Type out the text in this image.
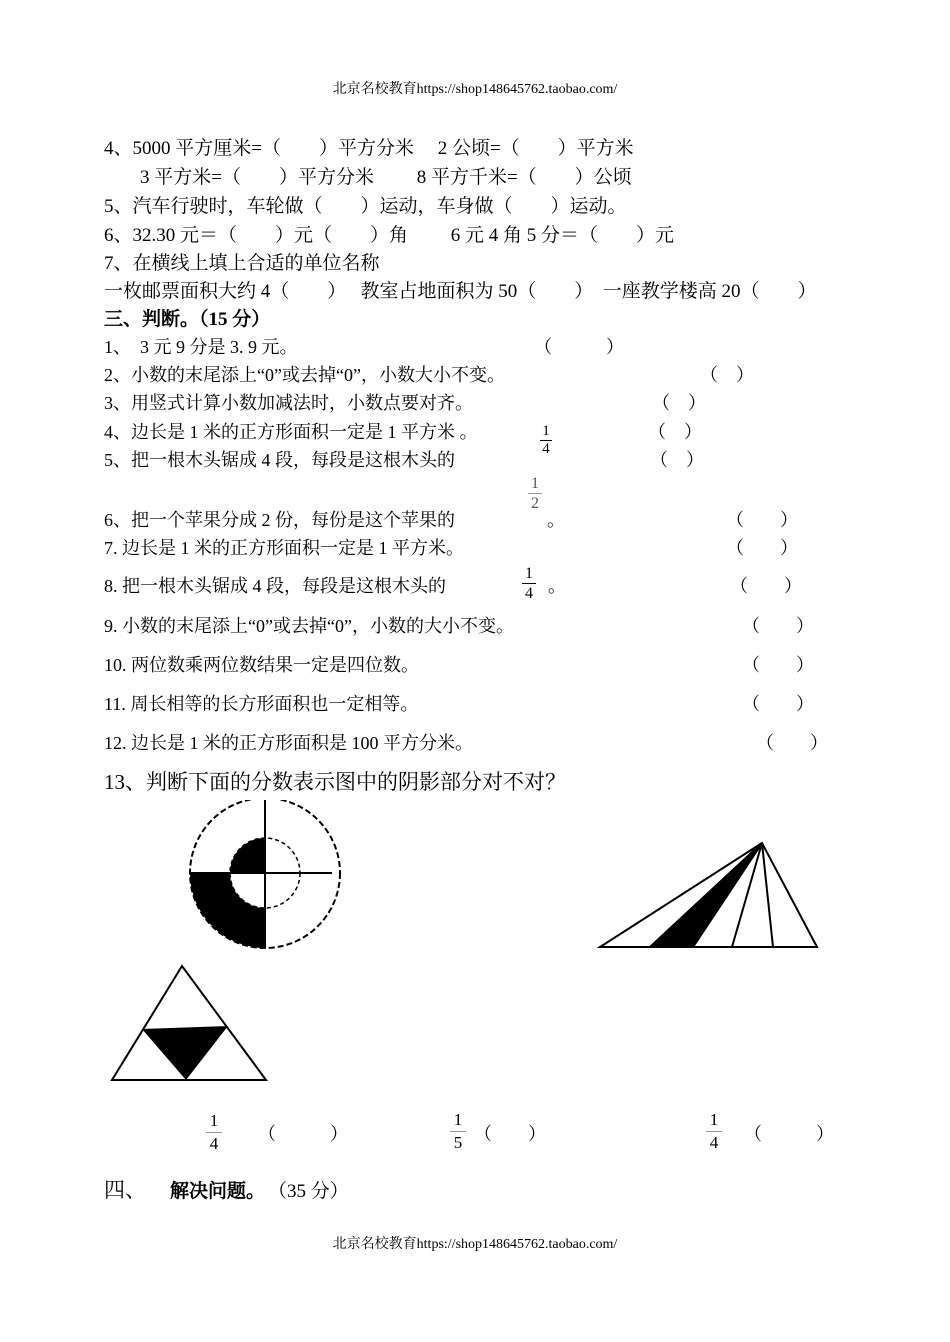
北京名校教育https://shop148645762.taobao.com/
北京名校教育https://shop148645762.taobao.com/
4、5000 平方厘米=（　　）平方分米　 2 公顷=（　　）平方米
3 平方米=（　　）平方分米　　 8 平方千米=（　　）公顷
5、汽车行驶时，车轮做（　　）运动，车身做（　　）运动。
6、32.30 元＝（　　）元（　　）角　　 6 元 4 角 5 分＝（　　）元
7、在横线上填上合适的单位名称
一枚邮票面积大约 4（　　）　 教室占地面积为 50（　　）　一座教学楼高 20（　　）
三、判断。（15 分）
1、　3 元 9 分是 3. 9 元。	（　　　）
2、小数的末尾添上“0”或去掉“0”，小数大小不变。	（　）
3、用竖式计算小数加减法时，小数点要对齐。	（　）
4、边长是 1 米的正方形面积一定是 1 平方米 。	1
4
（　）
5、把一根木头锯成 4 段，每段是这根木头的	（　）
6、把一个苹果分成 2 份，每份是这个苹果的
1
2
。	（　　）
7. 边长是 1 米的正方形面积一定是 1 平方米。	（　　）
8. 把一根木头锯成 4 段，每段是这根木头的
1
4 。	（　　）
9. 小数的末尾添上“0”或去掉“0”，小数的大小不变。	（　　）
10. 两位数乘两位数结果一定是四位数。	（　　）
11. 周长相等的长方形面积也一定相等。	（　　）
12. 边长是 1 米的正方形面积是 100 平方分米。	（　　）
13、判断下面的分数表示图中的阴影部分对不对？
1
4 （　　　）
1
5 （　　）
1
4 （　　　）
四、 解决问题。 （35 分）
